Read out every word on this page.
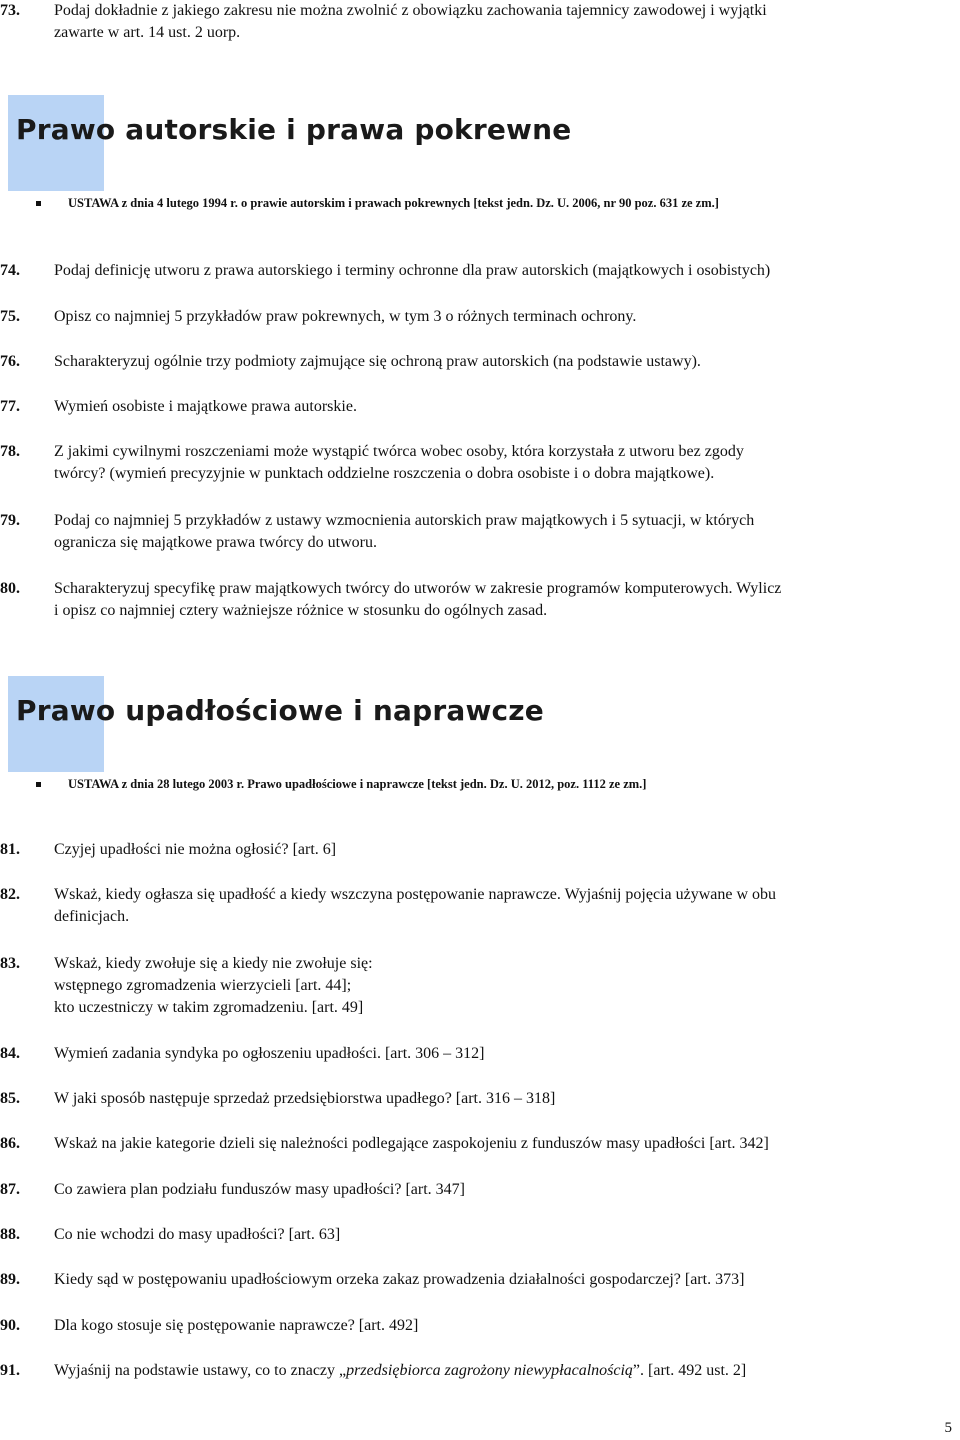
73. Podaj dokładnie z jakiego zakresu nie można zwolnić z obowiązku zachowania tajemnicy zawodowej i wyjątki
zawarte w art. 14 ust. 2 uorp.
Prawo autorskie i prawa pokrewne
USTAWA z dnia 4 lutego 1994 r. o prawie autorskim i prawach pokrewnych [tekst jedn. Dz. U. 2006, nr 90 poz. 631 ze zm.]
74. Podaj definicję utworu z prawa autorskiego i terminy ochronne dla praw autorskich (majątkowych i osobistych)
75. Opisz co najmniej 5 przykładów praw pokrewnych, w tym 3 o różnych terminach ochrony.
76. Scharakteryzuj ogólnie trzy podmioty zajmujące się ochroną praw autorskich (na podstawie ustawy).
77. Wymień osobiste i majątkowe prawa autorskie.
78. Z jakimi cywilnymi roszczeniami może wystąpić twórca wobec osoby, która korzystała z utworu bez zgody
twórcy? (wymień precyzyjnie w punktach oddzielne roszczenia o dobra osobiste i o dobra majątkowe).
79. Podaj co najmniej 5 przykładów z ustawy wzmocnienia autorskich praw majątkowych i 5 sytuacji, w których
ogranicza się majątkowe prawa twórcy do utworu.
80. Scharakteryzuj specyfikę praw majątkowych twórcy do utworów w zakresie programów komputerowych. Wylicz
i opisz co najmniej cztery ważniejsze różnice w stosunku do ogólnych zasad.
Prawo upadłościowe i naprawcze
USTAWA z dnia 28 lutego 2003 r. Prawo upadłościowe i naprawcze [tekst jedn. Dz. U. 2012, poz. 1112 ze zm.]
81. Czyjej upadłości nie można ogłosić? [art. 6]
82. Wskaż, kiedy ogłasza się upadłość a kiedy wszczyna postępowanie naprawcze. Wyjaśnij pojęcia używane w obu
definicjach.
83. Wskaż, kiedy zwołuje się a kiedy nie zwołuje się:
wstępnego zgromadzenia wierzycieli [art. 44];
kto uczestniczy w takim zgromadzeniu. [art. 49]
84. Wymień zadania syndyka po ogłoszeniu upadłości. [art. 306 – 312]
85. W jaki sposób następuje sprzedaż przedsiębiorstwa upadłego? [art. 316 – 318]
86. Wskaż na jakie kategorie dzieli się należności podlegające zaspokojeniu z funduszów masy upadłości [art. 342]
87. Co zawiera plan podziału funduszów masy upadłości? [art. 347]
88. Co nie wchodzi do masy upadłości? [art. 63]
89. Kiedy sąd w postępowaniu upadłościowym orzeka zakaz prowadzenia działalności gospodarczej? [art. 373]
90. Dla kogo stosuje się postępowanie naprawcze? [art. 492]
91. Wyjaśnij na podstawie ustawy, co to znaczy „przedsiębiorca zagrożony niewypłacalnością”. [art. 492 ust. 2]
5
